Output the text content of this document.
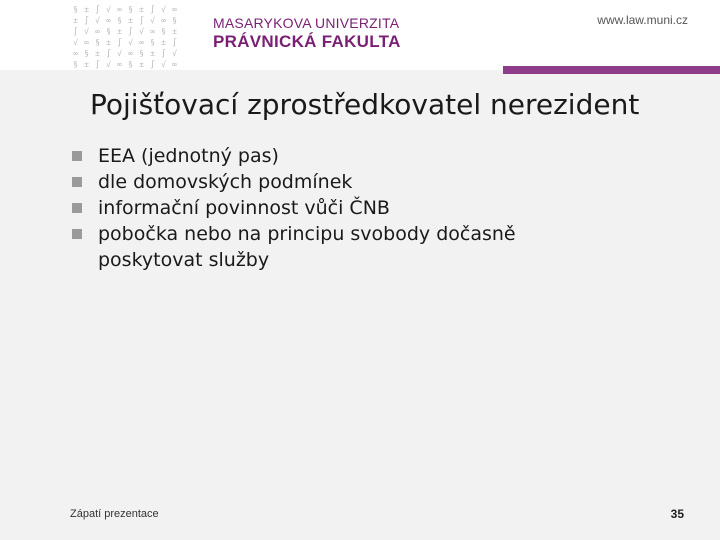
§ ± ∫ √ ∞ § ± ∫ √ ∞
± ∫ √ ∞ § ± ∫ √ ∞ §
∫ √ ∞ § ± ∫ √ ∞ § ±
√ ∞ § ± ∫ √ ∞ § ± ∫
∞ § ± ∫ √ ∞ § ± ∫ √
§ ± ∫ √ ∞ § ± ∫ √ ∞
MASARYKOVA UNIVERZITA
PRÁVNICKÁ FAKULTA
www.law.muni.cz
Pojišťovací zprostředkovatel nerezident
EEA (jednotný pas)
dle domovských podmínek
informační povinnost vůči ČNB
pobočka nebo na principu svobody dočasně poskytovat služby
Zápatí prezentace	35
